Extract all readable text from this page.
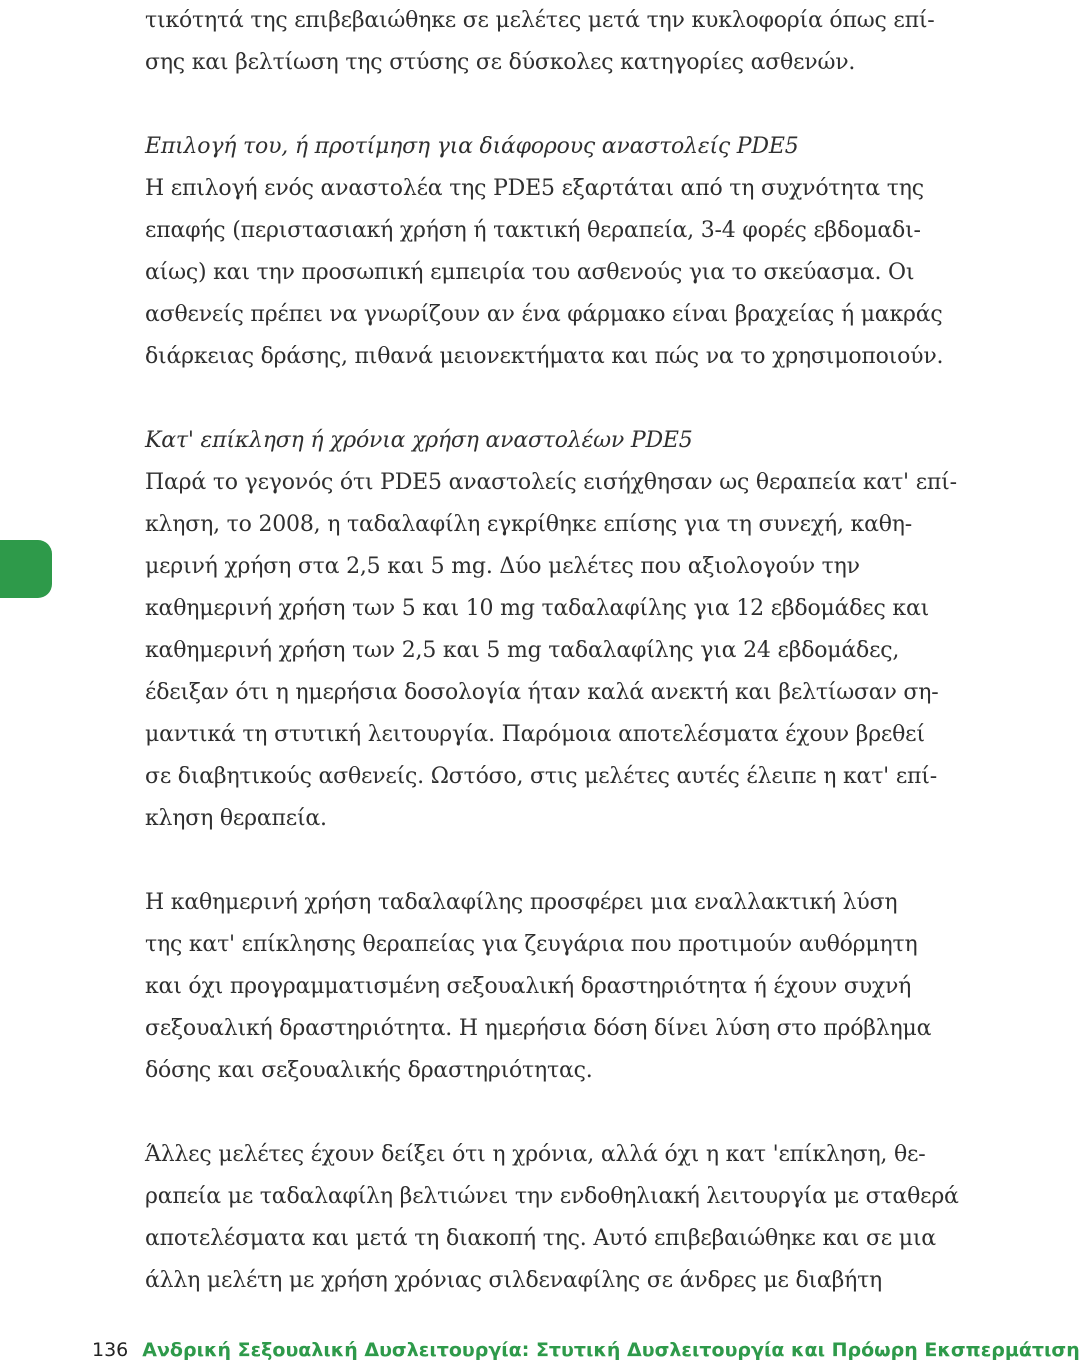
τικότητά της επιβεβαιώθηκε σε μελέτες μετά την κυκλοφορία όπως επί-
σης και βελτίωση της στύσης σε δύσκολες κατηγορίες ασθενών.
Επιλογή του, ή προτίμηση για διάφορους αναστολείς PDE5
Η επιλογή ενός αναστολέα της PDE5 εξαρτάται από τη συχνότητα της
επαφής (περιστασιακή χρήση ή τακτική θεραπεία, 3-4 φορές εβδομαδι-
αίως) και την προσωπική εμπειρία του ασθενούς για το σκεύασμα. Οι
ασθενείς πρέπει να γνωρίζουν αν ένα φάρμακο είναι βραχείας ή μακράς
διάρκειας δράσης, πιθανά μειονεκτήματα και πώς να το χρησιμοποιούν.
Κατ' επίκληση ή χρόνια χρήση αναστολέων PDE5
Παρά το γεγονός ότι PDE5 αναστολείς εισήχθησαν ως θεραπεία κατ' επί-
κληση, το 2008, η ταδαλαφίλη εγκρίθηκε επίσης για τη συνεχή, καθη-
μερινή χρήση στα 2,5 και 5 mg. Δύο μελέτες που αξιολογούν την
καθημερινή χρήση των 5 και 10 mg ταδαλαφίλης για 12 εβδομάδες και
καθημερινή χρήση των 2,5 και 5 mg ταδαλαφίλης για 24 εβδομάδες,
έδειξαν ότι η ημερήσια δοσολογία ήταν καλά ανεκτή και βελτίωσαν ση-
μαντικά τη στυτική λειτουργία. Παρόμοια αποτελέσματα έχουν βρεθεί
σε διαβητικούς ασθενείς. Ωστόσο, στις μελέτες αυτές έλειπε η κατ' επί-
κληση θεραπεία.
Η καθημερινή χρήση ταδαλαφίλης προσφέρει μια εναλλακτική λύση
της κατ' επίκλησης θεραπείας για ζευγάρια που προτιμούν αυθόρμητη
και όχι προγραμματισμένη σεξουαλική δραστηριότητα ή έχουν συχνή
σεξουαλική δραστηριότητα. Η ημερήσια δόση δίνει λύση στο πρόβλημα
δόσης και σεξουαλικής δραστηριότητας.
Άλλες μελέτες έχουν δείξει ότι η χρόνια, αλλά όχι η κατ 'επίκληση, θε-
ραπεία με ταδαλαφίλη βελτιώνει την ενδοθηλιακή λειτουργία με σταθερά
αποτελέσματα και μετά τη διακοπή της. Αυτό επιβεβαιώθηκε και σε μια
άλλη μελέτη με χρήση χρόνιας σιλδεναφίλης σε άνδρες με διαβήτη
136 Ανδρική Σεξουαλική Δυσλειτουργία: Στυτική Δυσλειτουργία και Πρόωρη Εκσπερμάτιση
